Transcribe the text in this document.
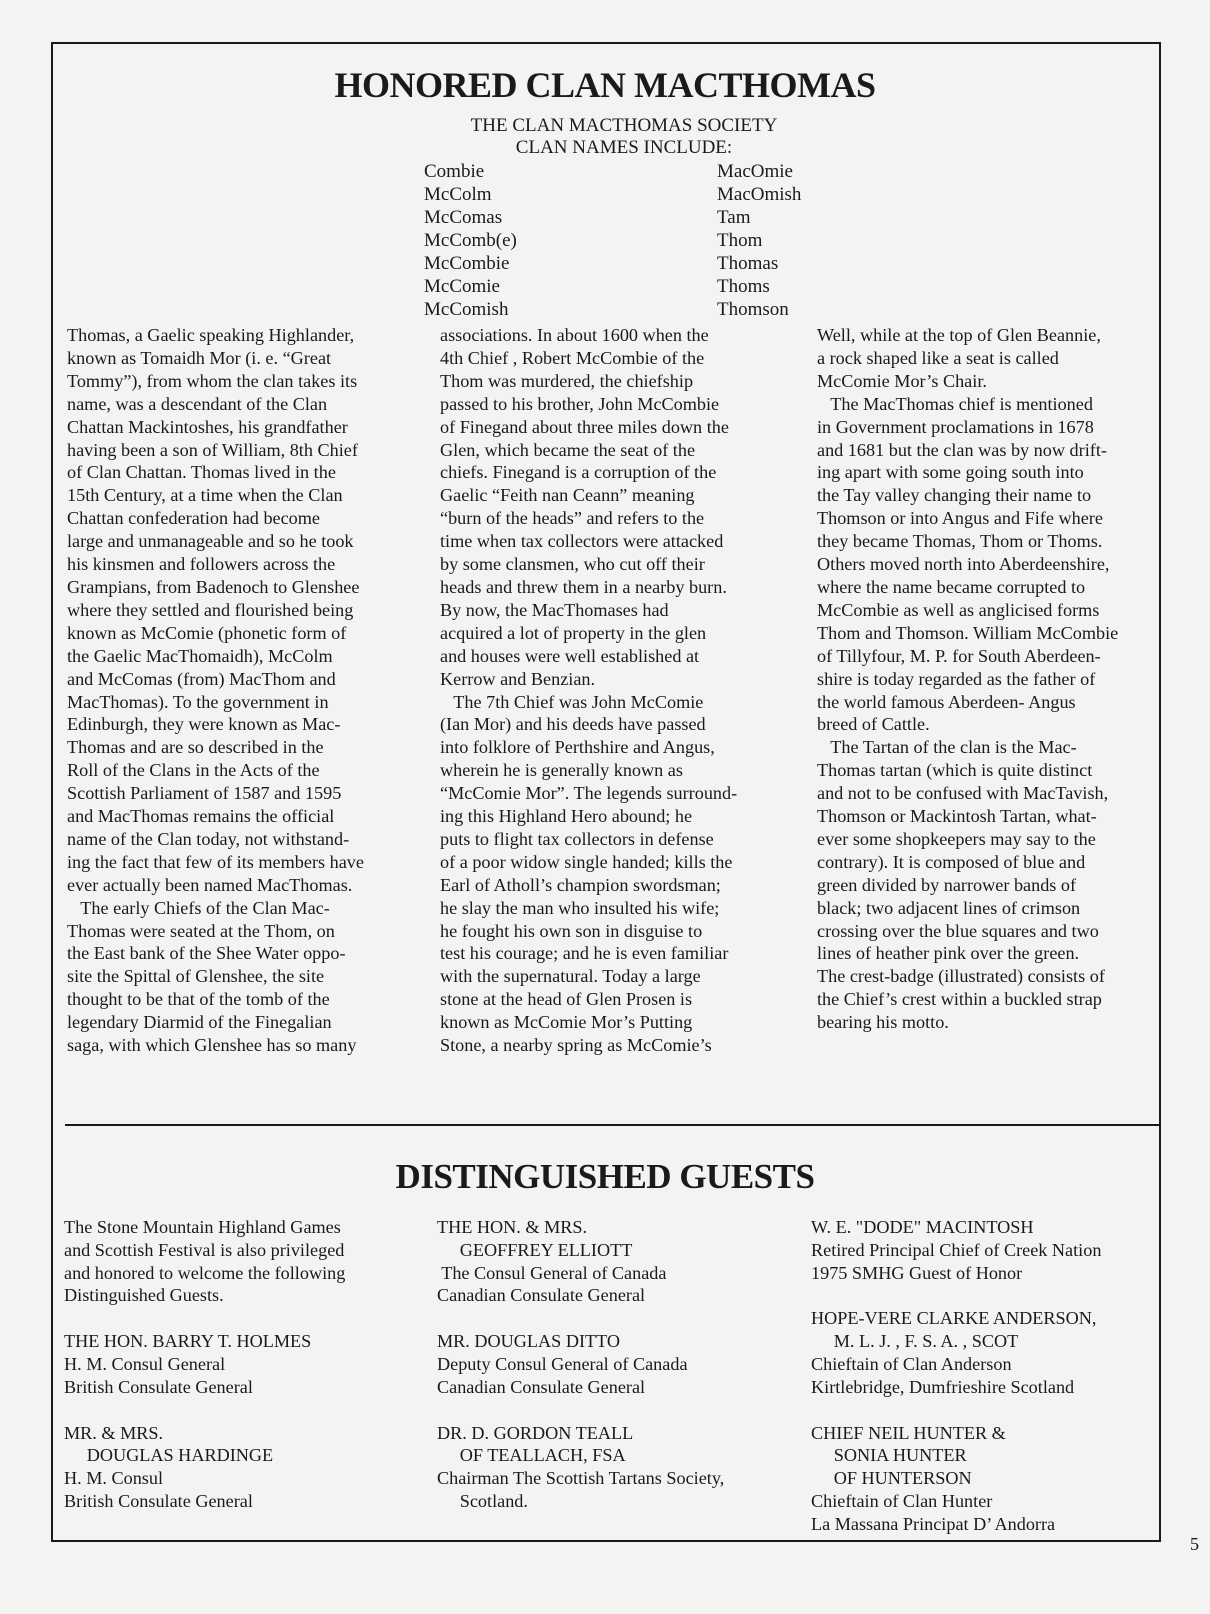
HONORED CLAN MACTHOMAS
THE CLAN MACTHOMAS SOCIETY
CLAN NAMES INCLUDE:
Combie
McColm
McComas
McComb(e)
McCombie
McComie
McComish
MacOmie
MacOmish
Tam
Thom
Thomas
Thoms
Thomson
Thomas, a Gaelic speaking Highlander,
known as Tomaidh Mor (i. e. “Great
Tommy”), from whom the clan takes its
name, was a descendant of the Clan
Chattan Mackintoshes, his grandfather
having been a son of William, 8th Chief
of Clan Chattan. Thomas lived in the
15th Century, at a time when the Clan
Chattan confederation had become
large and unmanageable and so he took
his kinsmen and followers across the
Grampians, from Badenoch to Glenshee
where they settled and flourished being
known as McComie (phonetic form of
the Gaelic MacThomaidh), McColm
and McComas (from) MacThom and
MacThomas). To the government in
Edinburgh, they were known as Mac-
Thomas and are so described in the
Roll of the Clans in the Acts of the
Scottish Parliament of 1587 and 1595
and MacThomas remains the official
name of the Clan today, not withstand-
ing the fact that few of its members have
ever actually been named MacThomas.
The early Chiefs of the Clan Mac-
Thomas were seated at the Thom, on
the East bank of the Shee Water oppo-
site the Spittal of Glenshee, the site
thought to be that of the tomb of the
legendary Diarmid of the Finegalian
saga, with which Glenshee has so many
associations. In about 1600 when the
4th Chief , Robert McCombie of the
Thom was murdered, the chiefship
passed to his brother, John McCombie
of Finegand about three miles down the
Glen, which became the seat of the
chiefs. Finegand is a corruption of the
Gaelic “Feith nan Ceann” meaning
“burn of the heads” and refers to the
time when tax collectors were attacked
by some clansmen, who cut off their
heads and threw them in a nearby burn.
By now, the MacThomases had
acquired a lot of property in the glen
and houses were well established at
Kerrow and Benzian.
The 7th Chief was John McComie
(Ian Mor) and his deeds have passed
into folklore of Perthshire and Angus,
wherein he is generally known as
“McComie Mor”. The legends surround-
ing this Highland Hero abound; he
puts to flight tax collectors in defense
of a poor widow single handed; kills the
Earl of Atholl’s champion swordsman;
he slay the man who insulted his wife;
he fought his own son in disguise to
test his courage; and he is even familiar
with the supernatural. Today a large
stone at the head of Glen Prosen is
known as McComie Mor’s Putting
Stone, a nearby spring as McComie’s
Well, while at the top of Glen Beannie,
a rock shaped like a seat is called
McComie Mor’s Chair.
The MacThomas chief is mentioned
in Government proclamations in 1678
and 1681 but the clan was by now drift-
ing apart with some going south into
the Tay valley changing their name to
Thomson or into Angus and Fife where
they became Thomas, Thom or Thoms.
Others moved north into Aberdeenshire,
where the name became corrupted to
McCombie as well as anglicised forms
Thom and Thomson. William McCombie
of Tillyfour, M. P. for South Aberdeen-
shire is today regarded as the father of
the world famous Aberdeen- Angus
breed of Cattle.
The Tartan of the clan is the Mac-
Thomas tartan (which is quite distinct
and not to be confused with MacTavish,
Thomson or Mackintosh Tartan, what-
ever some shopkeepers may say to the
contrary). It is composed of blue and
green divided by narrower bands of
black; two adjacent lines of crimson
crossing over the blue squares and two
lines of heather pink over the green.
The crest-badge (illustrated) consists of
the Chief’s crest within a buckled strap
bearing his motto.
DISTINGUISHED GUESTS
The Stone Mountain Highland Games
and Scottish Festival is also privileged
and honored to welcome the following
Distinguished Guests.
THE HON. BARRY T. HOLMES
H. M. Consul General
British Consulate General
MR. & MRS.
DOUGLAS HARDINGE
H. M. Consul
British Consulate General
THE HON. & MRS.
GEOFFREY ELLIOTT
The Consul General of Canada
Canadian Consulate General
MR. DOUGLAS DITTO
Deputy Consul General of Canada
Canadian Consulate General
DR. D. GORDON TEALL
OF TEALLACH, FSA
Chairman The Scottish Tartans Society,
Scotland.
W. E. "DODE" MACINTOSH
Retired Principal Chief of Creek Nation
1975 SMHG Guest of Honor
HOPE-VERE CLARKE ANDERSON,
M. L. J. , F. S. A. , SCOT
Chieftain of Clan Anderson
Kirtlebridge, Dumfrieshire Scotland
CHIEF NEIL HUNTER &
SONIA HUNTER
OF HUNTERSON
Chieftain of Clan Hunter
La Massana Principat D’ Andorra
5
